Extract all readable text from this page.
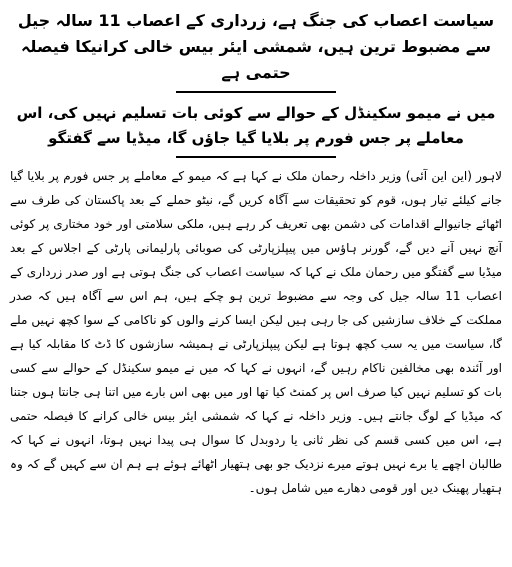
سیاست اعصاب کی جنگ ہے، زرداری کے اعصاب 11 سالہ جیل سے مضبوط ترین ہیں، شمشی ایئر بیس خالی کرانیکا فیصلہ حتمی ہے
میں نے میمو سکینڈل کے حوالے سے کوئی بات تسلیم نہیں کی، اس معاملے پر جس فورم پر بلایا گیا جاؤں گا، میڈیا سے گفتگو

لاہور (این این آئی) وزیر داخلہ رحمان ملک نے کہا ہے کہ میمو کے معاملے پر جس فورم پر بلایا گیا جانے کیلئے تیار ہوں، قوم کو تحقیقات سے آگاہ کریں گے، نیٹو حملے کے بعد پاکستان کی طرف سے اٹھائے جانیوالے اقدامات کی دشمن بھی تعریف کر رہے ہیں، ملکی سلامتی اور خود مختاری پر کوئی آنچ نہیں آنے دیں گے، گورنر ہاؤس میں پیپلزپارٹی کی صوبائی پارلیمانی پارٹی کے اجلاس کے بعد میڈیا سے گفتگو میں رحمان ملک نے کہا کہ سیاست اعصاب کی جنگ ہوتی ہے اور صدر زرداری کے اعصاب 11 سالہ جیل کی وجہ سے مضبوط ترین ہو چکے ہیں، ہم اس سے آگاہ ہیں کہ صدر مملکت کے خلاف سازشیں کی جا رہی ہیں لیکن ایسا کرنے والوں کو ناکامی کے سوا کچھ نہیں ملے گا، سیاست میں یہ سب کچھ ہوتا ہے لیکن پیپلزپارٹی نے ہمیشہ سازشوں کا ڈٹ کا مقابلہ کیا ہے اور آئندہ بھی مخالفین ناکام رہیں گے، انہوں نے کہا کہ میں نے میمو سکینڈل کے حوالے سے کسی بات کو تسلیم نہیں کیا صرف اس پر کمنٹ کیا تھا اور میں بھی اس بارے میں اتنا ہی جانتا ہوں جتنا کہ میڈیا کے لوگ جانتے ہیں۔ وزیر داخلہ نے کہا کہ شمشی ایئر بیس خالی کرانے کا فیصلہ حتمی ہے، اس میں کسی قسم کی نظر ثانی یا ردوبدل کا سوال ہی پیدا نہیں ہوتا، انہوں نے کہا کہ طالبان اچھے یا برے نہیں ہوتے میرے نزدیک جو بھی ہتھیار اٹھائے ہوئے ہے ہم ان سے کہیں گے کہ وہ ہتھیار پھینک دیں اور قومی دھارے میں شامل ہوں۔
